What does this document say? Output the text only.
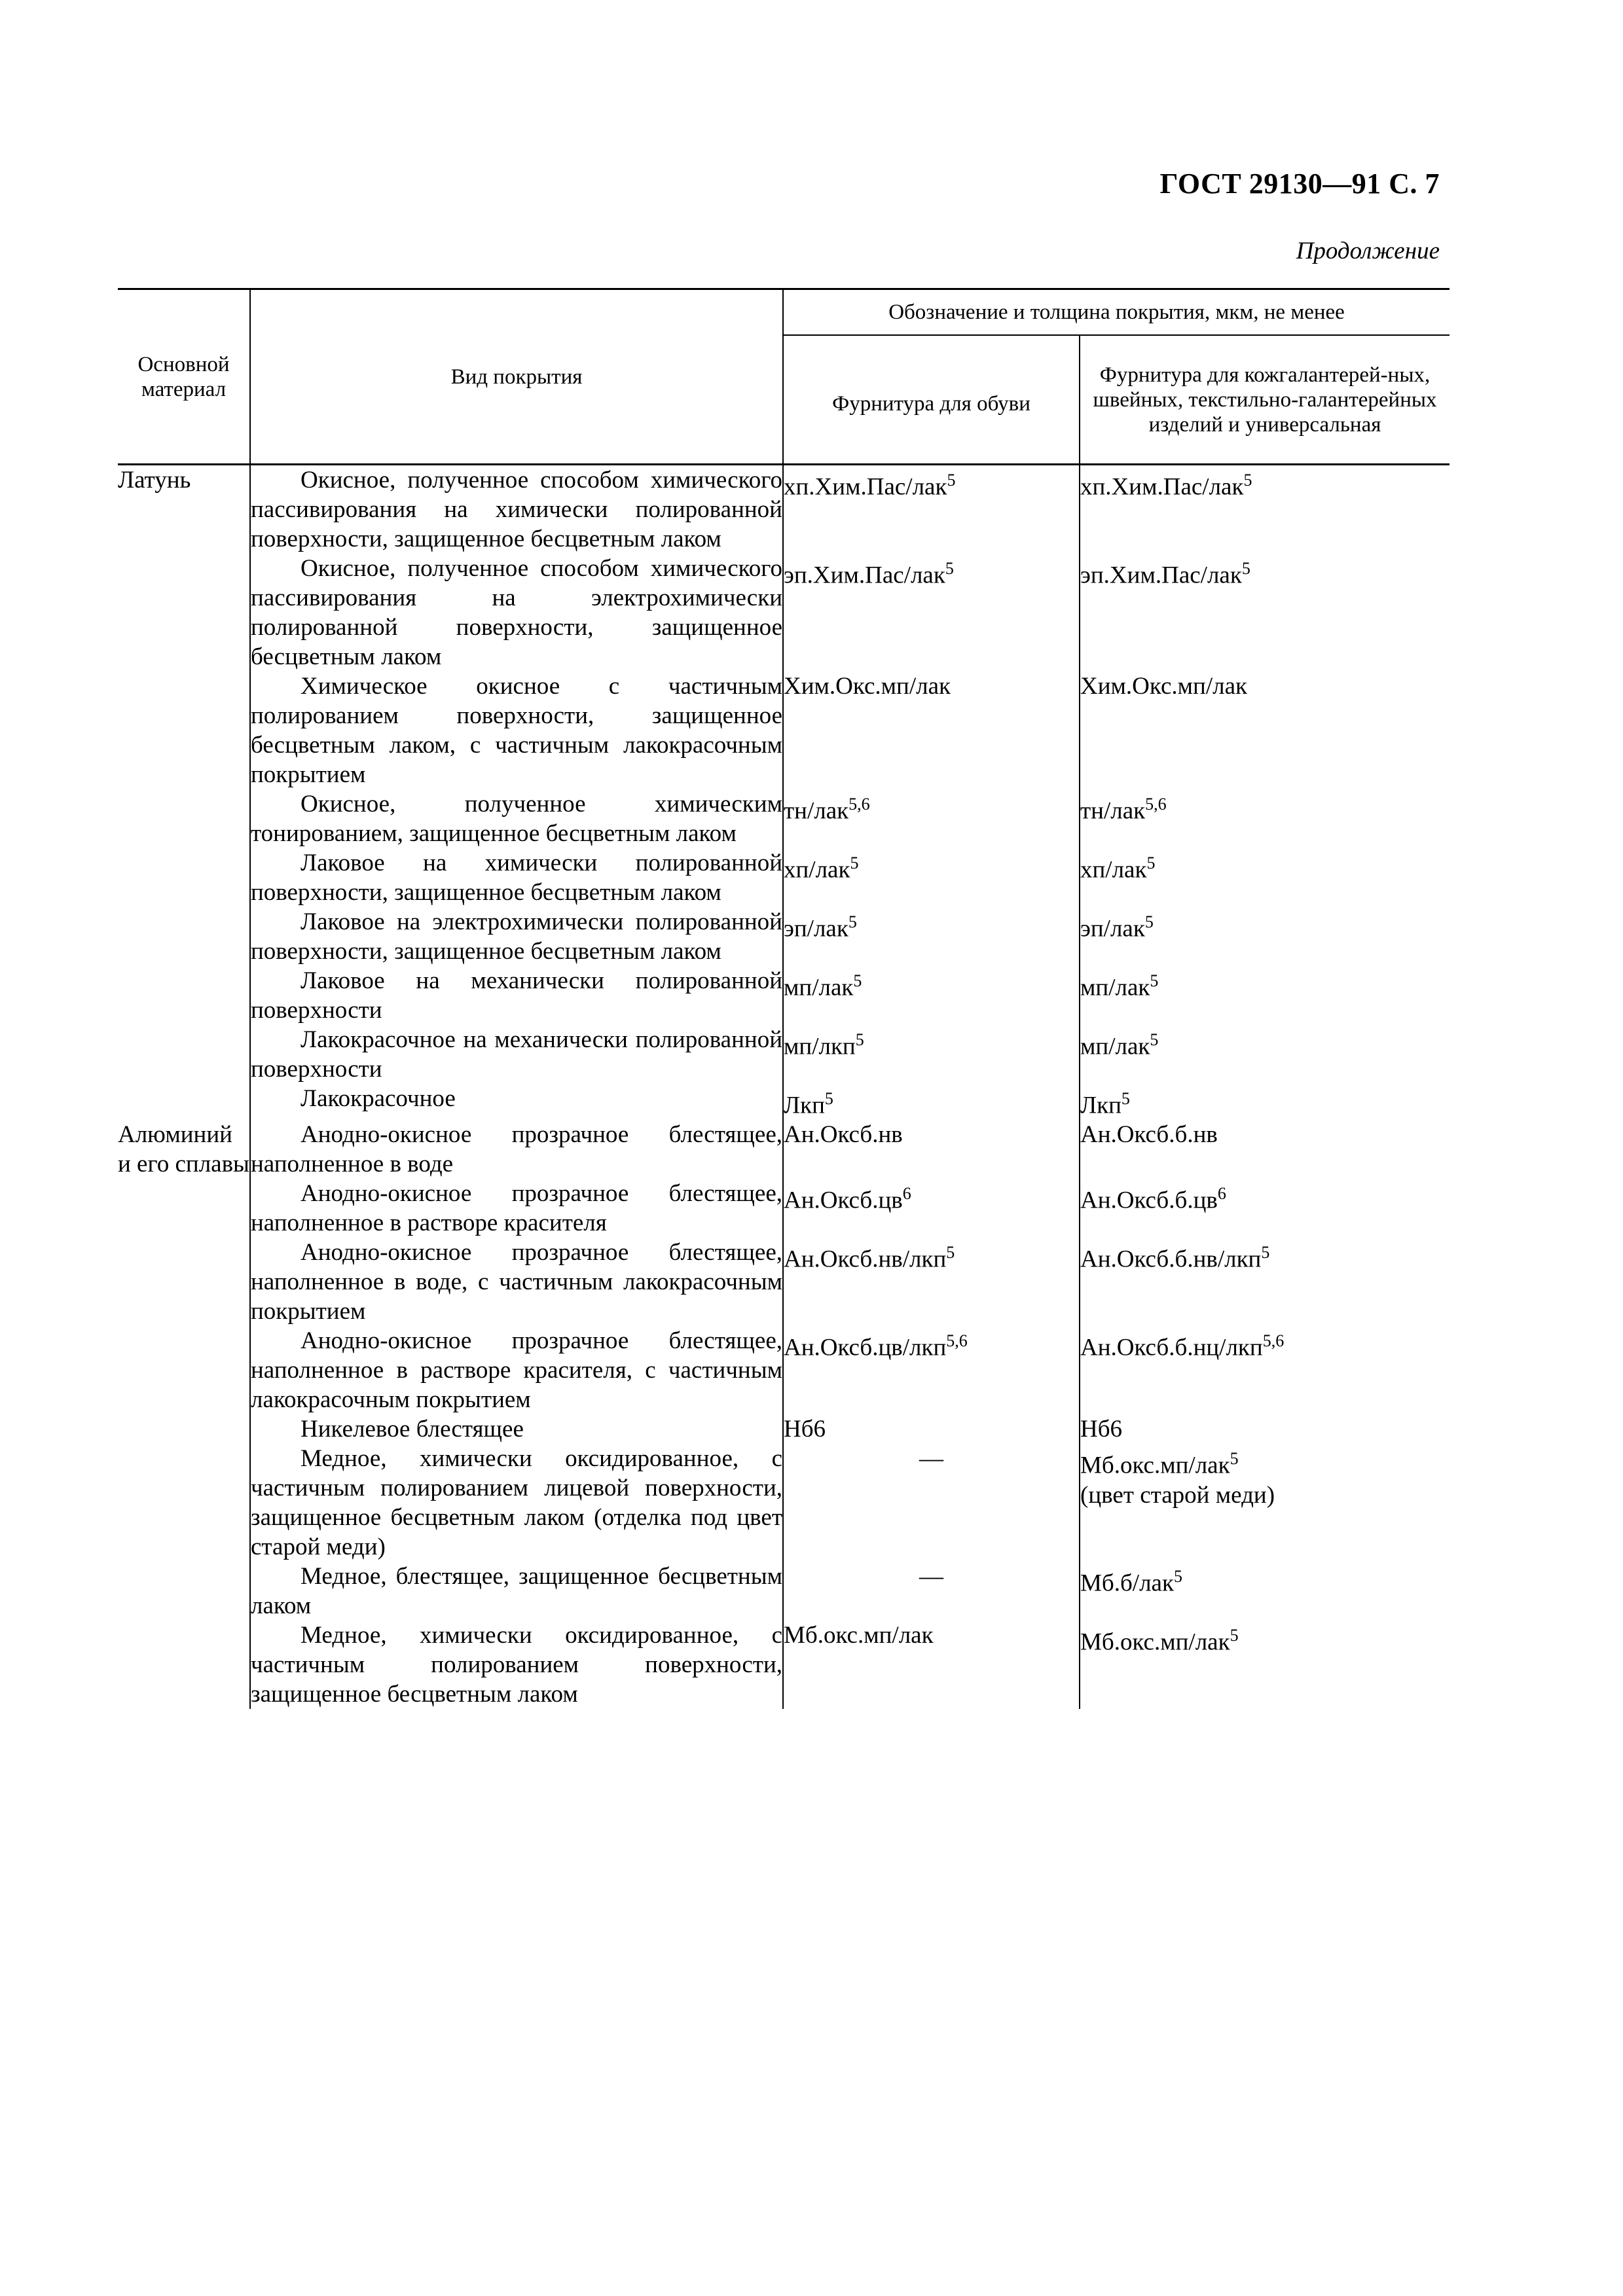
ГОСТ 29130—91 С. 7
Продолжение
Основной материал	Вид покрытия	Обозначение и толщина покрытия, мкм, не менее	
		Фурнитура для обуви	Фурнитура для кожгалантерей-ных, швейных, текстильно-галантерейных изделий и универсальная
Латунь	Окисное, полученное способом химического пассивирования на химически полированной поверхности, защищенное бесцветным лаком	хп.Хим.Пас/лак$^5$	хп.Хим.Пас/лак$^5$

	Окисное, полученное способом химического пассивирования на электрохимически полированной поверхности, защищенное бесцветным лаком	эп.Хим.Пас/лак$^5$	эп.Хим.Пас/лак$^5$

	Химическое окисное с частичным полированием поверхности, защищенное бесцветным лаком, с частичным лакокрасочным покрытием	Хим.Окс.мп/лак	Хим.Окс.мп/лак

	Окисное, полученное химическим тонированием, защищенное бесцветным лаком	тн/лак$^{5,6}$	тн/лак$^{5,6}$

	Лаковое на химически полированной поверхности, защищенное бесцветным лаком	хп/лак$^5$	хп/лак$^5$

	Лаковое на электрохимически полированной поверхности, защищенное бесцветным лаком	эп/лак$^5$	эп/лак$^5$

	Лаковое на механически полированной поверхности	мп/лак$^5$	мп/лак$^5$

	Лакокрасочное на механически полированной поверхности	мп/лкп$^5$	мп/лак$^5$

	Лакокрасочное	Лкп$^5$	Лкп$^5$
Алюминий и его сплавы	Анодно-окисное прозрачное блестящее, наполненное в воде	Ан.Оксб.нв	Ан.Оксб.б.нв

	Анодно-окисное прозрачное блестящее, наполненное в растворе красителя	$Ан.Оксб.цв^6$	$Ан.Оксб.б.цв^6$

	Анодно-окисное прозрачное блестящее, наполненное в воде, с частичным лакокрасочным покрытием	Ан.Оксб.нв/лкп$^5$	Ан.Оксб.б.нв/лкп$^5$

	Анодно-окисное прозрачное блестящее, наполненное в растворе красителя, с частичным лакокрасочным покрытием	Ан.Оксб.цв/лкп$^{5,6}$	Ан.Оксб.б.нц/лкп$^{5,6}$

	Никелевое блестящее	Нб6	Нб6

	Медное, химически оксидированное, с частичным полированием лицевой поверхности, защищенное бесцветным лаком (отделка под цвет старой меди)	—	Мб.окс.мп/лак$^5$
(цвет старой меди)

	Медное, блестящее, защищенное бесцветным лаком	—	Мб.б/лак$^5$

	Медное, химически оксидированное, с частичным полированием поверхности, защищенное бесцветным лаком	Мб.окс.мп/лак	Мб.окс.мп/лак$^5$
